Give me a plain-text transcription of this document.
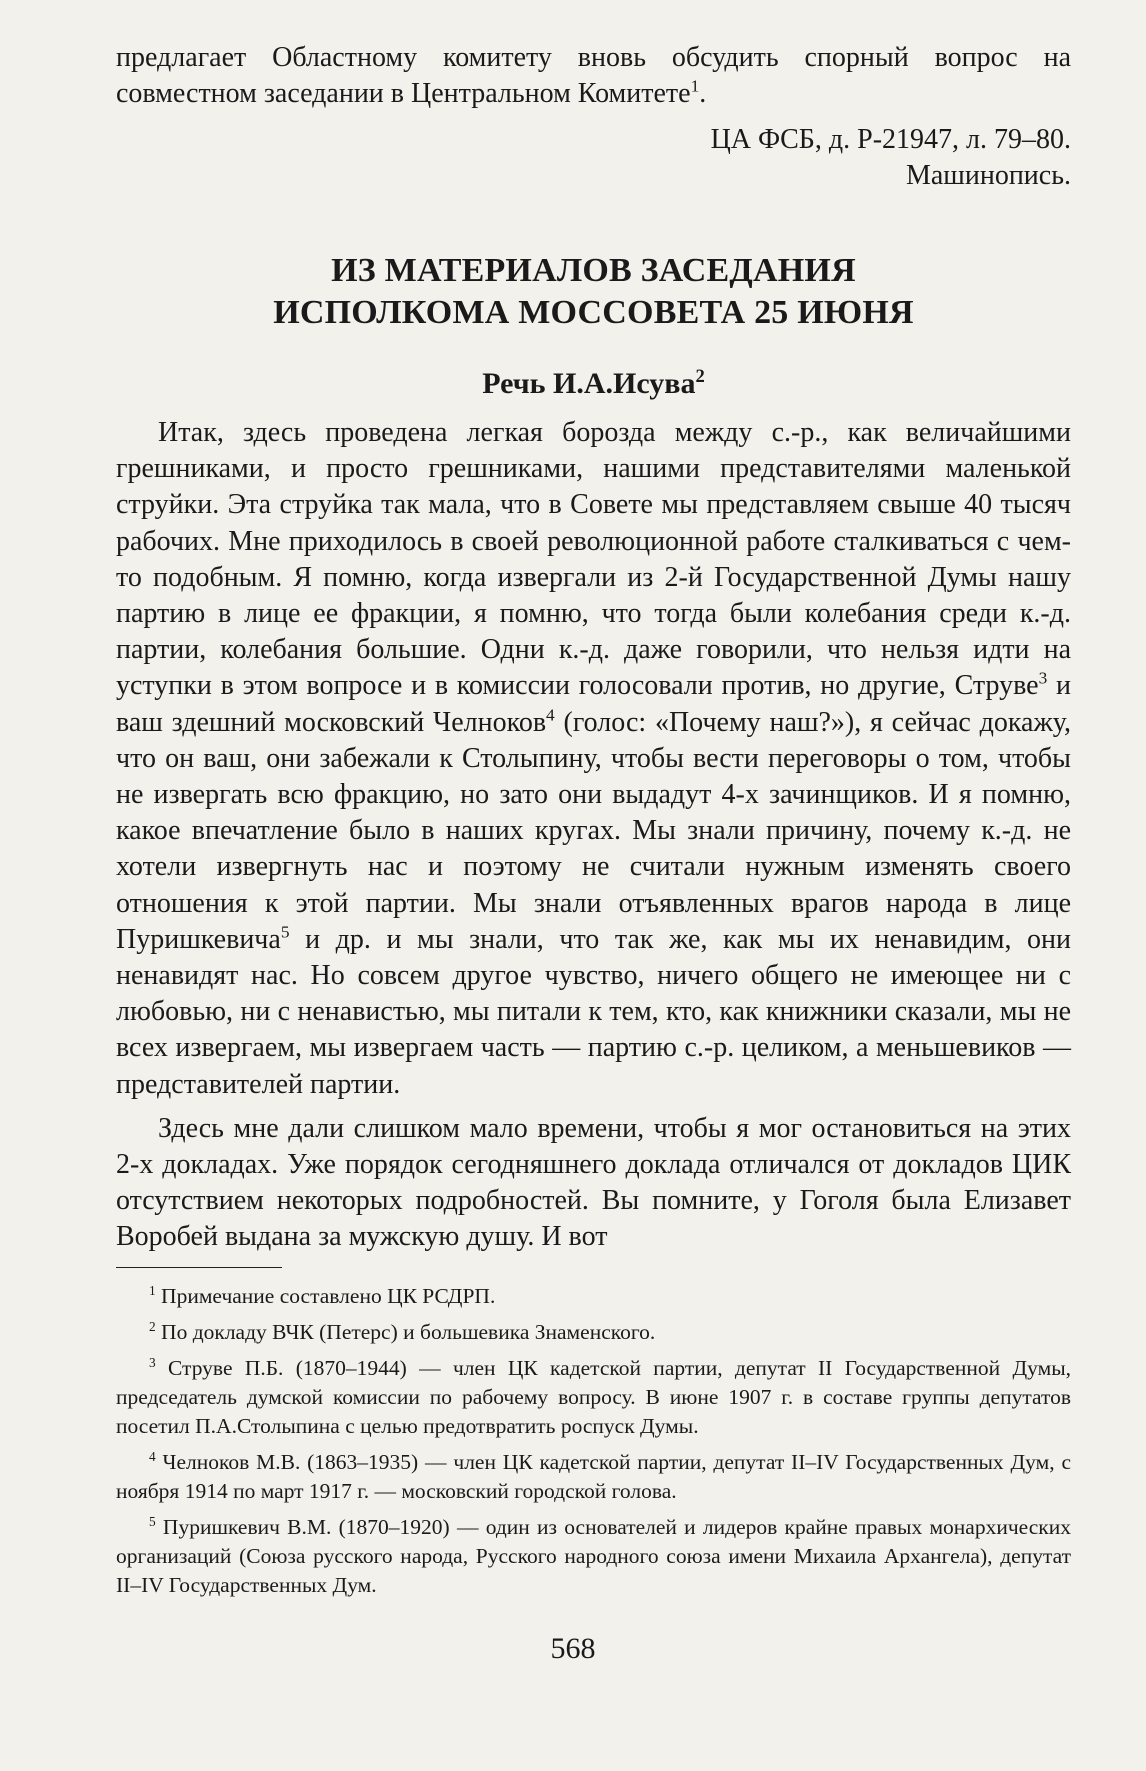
предлагает Областному комитету вновь обсудить спорный вопрос на совместном заседании в Центральном Комитете$^1$.

ЦА ФСБ, д. Р-21947, л. 79–80.
Машинопись.
ИЗ МАТЕРИАЛОВ ЗАСЕДАНИЯ
ИСПОЛКОМА МОССОВЕТА 25 ИЮНЯ
Речь И.А.Исува$^2$

Итак, здесь проведена легкая борозда между с.-р., как величайшими грешниками, и просто грешниками, нашими представителями маленькой струйки. Эта струйка так мала, что в Совете мы представляем свыше 40 тысяч рабочих. Мне приходилось в своей революционной работе сталкиваться с чем-то подобным. Я помню, когда извергали из 2-й Государственной Думы нашу партию в лице ее фракции, я помню, что тогда были колебания среди к.-д. партии, колебания большие. Одни к.-д. даже говорили, что нельзя идти на уступки в этом вопросе и в комиссии голосовали против, но другие, Струве$^3$ и ваш здешний московский Челноков$^4$ (голос: «Почему наш?»), я сейчас докажу, что он ваш, они забежали к Столыпину, чтобы вести переговоры о том, чтобы не извергать всю фракцию, но зато они выдадут 4-х зачинщиков. И я помню, какое впечатление было в наших кругах. Мы знали причину, почему к.-д. не хотели извергнуть нас и поэтому не считали нужным изменять своего отношения к этой партии. Мы знали отъявленных врагов народа в лице Пуришкевича$^5$ и др. и мы знали, что так же, как мы их ненавидим, они ненавидят нас. Но совсем другое чувство, ничего общего не имеющее ни с любовью, ни с ненавистью, мы питали к тем, кто, как книжники сказали, мы не всех извергаем, мы извергаем часть — партию с.-р. целиком, а меньшевиков — представителей партии.

Здесь мне дали слишком мало времени, чтобы я мог остановиться на этих 2-х докладах. Уже порядок сегодняшнего доклада отличался от докладов ЦИК отсутствием некоторых подробностей. Вы помните, у Гоголя была Елизавет Воробей выдана за мужскую душу. И вот

$^1$ Примечание составлено ЦК РСДРП.

$^2$ По докладу ВЧК (Петерс) и большевика Знаменского.

$^3$ Струве П.Б. (1870–1944) — член ЦК кадетской партии, депутат II Государственной Думы, председатель думской комиссии по рабочему вопросу. В июне 1907 г. в составе группы депутатов посетил П.А.Столыпина с целью предотвратить роспуск Думы.

$^4$ Челноков М.В. (1863–1935) — член ЦК кадетской партии, депутат II–IV Государственных Дум, с ноября 1914 по март 1917 г. — московский городской голова.

$^5$ Пуришкевич В.М. (1870–1920) — один из основателей и лидеров крайне правых монархических организаций (Союза русского народа, Русского народного союза имени Михаила Архангела), депутат II–IV Государственных Дум.

568
